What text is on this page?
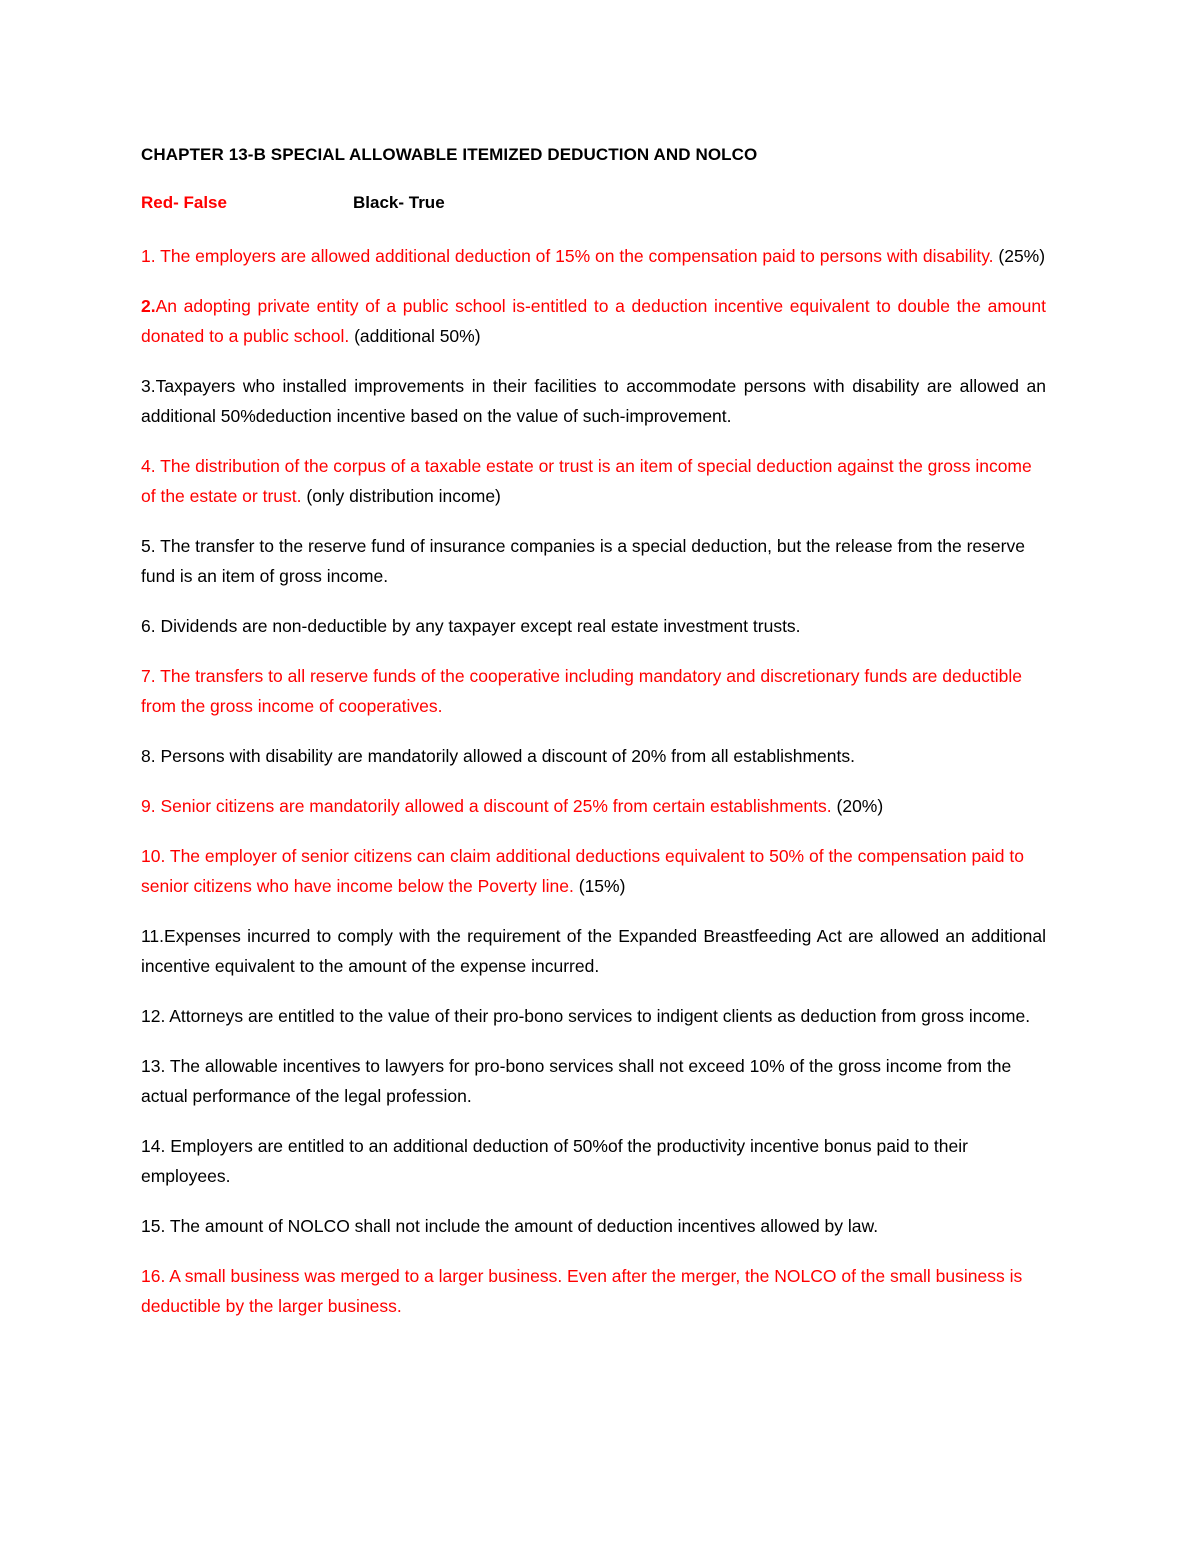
CHAPTER 13-B SPECIAL ALLOWABLE ITEMIZED DEDUCTION AND NOLCO
Red- False	Black- True

1. The employers are allowed additional deduction of 15% on the compensation paid to persons with disability. (25%)

2.An adopting private entity of a public school is-entitled to a deduction incentive equivalent to double the amount donated to a public school. (additional 50%)

3.Taxpayers who installed improvements in their facilities to accommodate persons with disability are allowed an additional 50%deduction incentive based on the value of such-improvement.

4. The distribution of the corpus of a taxable estate or trust is an item of special deduction against the gross income of the estate or trust. (only distribution income)

5. The transfer to the reserve fund of insurance companies is a special deduction, but the release from the reserve fund is an item of gross income.

6. Dividends are non-deductible by any taxpayer except real estate investment trusts.

7. The transfers to all reserve funds of the cooperative including mandatory and discretionary funds are deductible from the gross income of cooperatives.

8. Persons with disability are mandatorily allowed a discount of 20% from all establishments.

9. Senior citizens are mandatorily allowed a discount of 25% from certain establishments. (20%)

10. The employer of senior citizens can claim additional deductions equivalent to 50% of the compensation paid to senior citizens who have income below the Poverty line. (15%)

11.Expenses incurred to comply with the requirement of the Expanded Breastfeeding Act are allowed an additional incentive equivalent to the amount of the expense incurred.

12. Attorneys are entitled to the value of their pro-bono services to indigent clients as deduction from gross income.

13. The allowable incentives to lawyers for pro-bono services shall not exceed 10% of the gross income from the actual performance of the legal profession.

14. Employers are entitled to an additional deduction of 50%of the productivity incentive bonus paid to their employees.

15. The amount of NOLCO shall not include the amount of deduction incentives allowed by law.

16. A small business was merged to a larger business. Even after the merger, the NOLCO of the small business is deductible by the larger business.
